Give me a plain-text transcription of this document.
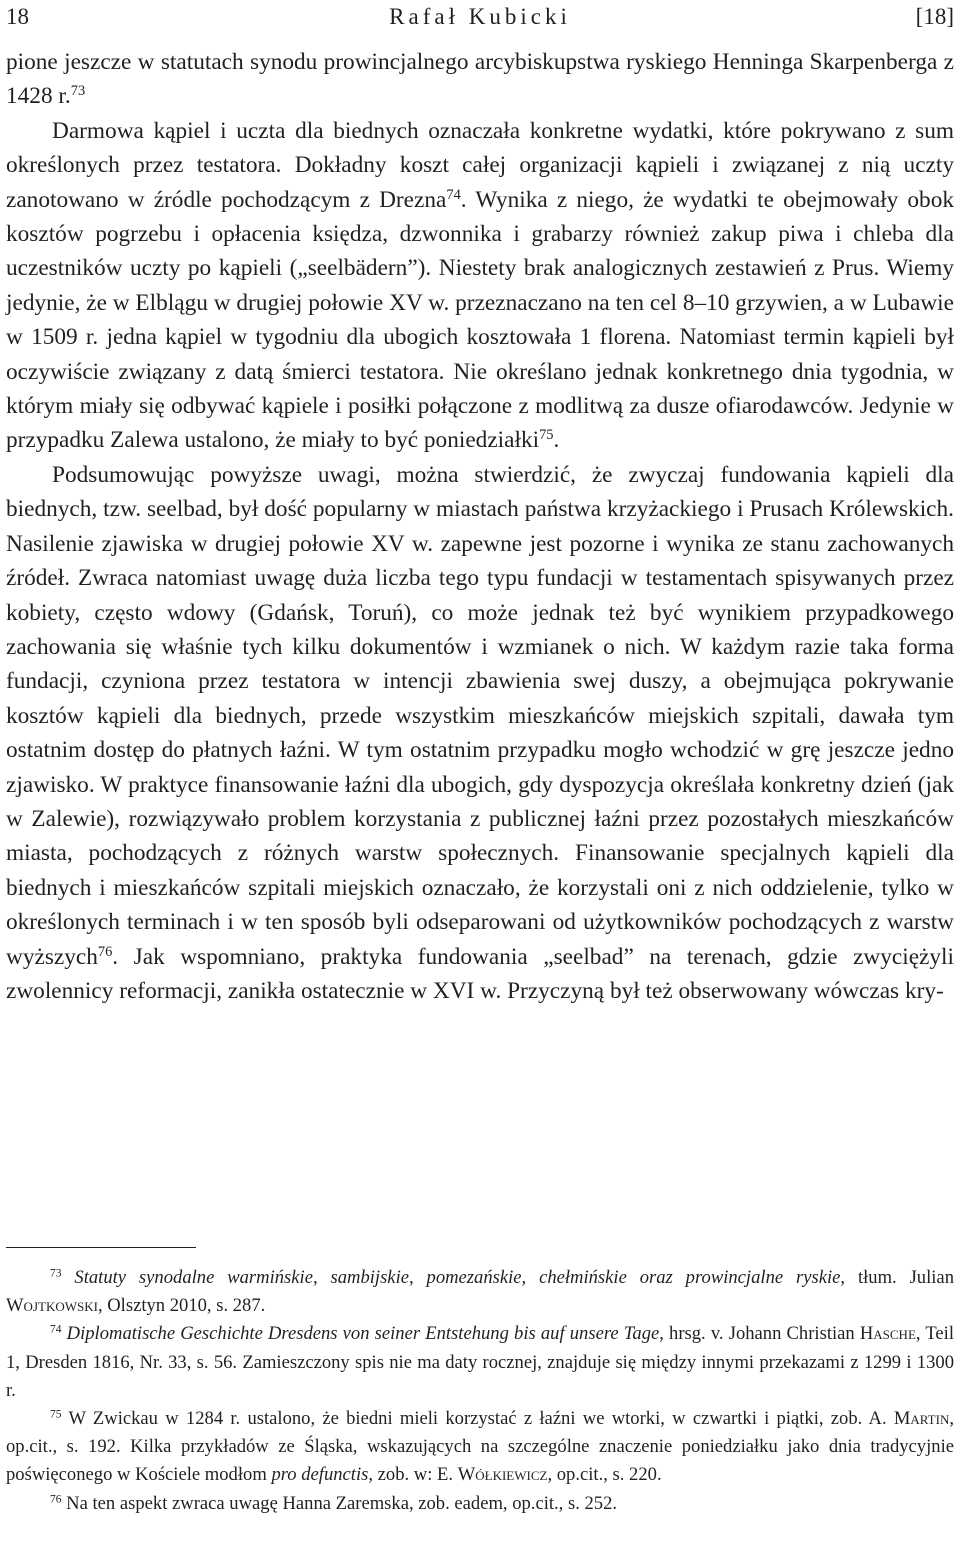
18	Rafał Kubicki	[18]

pione jeszcze w statutach synodu prowincjalnego arcybiskupstwa ryskiego Henninga Skarpenberga z 1428 r.$^{73}$

Darmowa kąpiel i uczta dla biednych oznaczała konkretne wydatki, które pokrywano z sum określonych przez testatora. Dokładny koszt całej organizacji kąpieli i związanej z nią uczty zanotowano w źródle pochodzącym z Drezna$^{74}$. Wynika z niego, że wydatki te obejmowały obok kosztów pogrzebu i opłacenia księdza, dzwonnika i grabarzy również zakup piwa i chleba dla uczestników uczty po kąpieli („seelbädern”). Niestety brak analogicznych zestawień z Prus. Wiemy jedynie, że w Elblągu w drugiej połowie XV w. przeznaczano na ten cel 8–10 grzywien, a w Lubawie w 1509 r. jedna kąpiel w tygodniu dla ubogich kosztowała 1 florena. Natomiast termin kąpieli był oczywiście związany z datą śmierci testatora. Nie określano jednak konkretnego dnia tygodnia, w którym miały się odbywać kąpiele i posiłki połączone z modlitwą za dusze ofiarodawców. Jedynie w przypadku Zalewa ustalono, że miały to być poniedziałki$^{75}$.

Podsumowując powyższe uwagi, można stwierdzić, że zwyczaj fundowania kąpieli dla biednych, tzw. seelbad, był dość popularny w miastach państwa krzyżackiego i Prusach Królewskich. Nasilenie zjawiska w drugiej połowie XV w. zapewne jest pozorne i wynika ze stanu zachowanych źródeł. Zwraca natomiast uwagę duża liczba tego typu fundacji w testamentach spisywanych przez kobiety, często wdowy (Gdańsk, Toruń), co może jednak też być wynikiem przypadkowego zachowania się właśnie tych kilku dokumentów i wzmianek o nich. W każdym razie taka forma fundacji, czyniona przez testatora w intencji zbawienia swej duszy, a obejmująca pokrywanie kosztów kąpieli dla biednych, przede wszystkim mieszkańców miejskich szpitali, dawała tym ostatnim dostęp do płatnych łaźni. W tym ostatnim przypadku mogło wchodzić w grę jeszcze jedno zjawisko. W praktyce finansowanie łaźni dla ubogich, gdy dyspozycja określała konkretny dzień (jak w Zalewie), rozwiązywało problem korzystania z publicznej łaźni przez pozostałych mieszkańców miasta, pochodzących z różnych warstw społecznych. Finansowanie specjalnych kąpieli dla biednych i mieszkańców szpitali miejskich oznaczało, że korzystali oni z nich oddzielenie, tylko w określonych terminach i w ten sposób byli odseparowani od użytkowników pochodzących z warstw wyższych$^{76}$. Jak wspomniano, praktyka fundowania „seelbad” na terenach, gdzie zwyciężyli zwolennicy reformacji, zanikła ostatecznie w XVI w. Przyczyną był też obserwowany wówczas kry-

$^{73}$ Statuty synodalne warmińskie, sambijskie, pomezańskie, chełmińskie oraz prowincjalne ryskie, tłum. Julian Wojtkowski, Olsztyn 2010, s. 287.

$^{74}$ Diplomatische Geschichte Dresdens von seiner Entstehung bis auf unsere Tage, hrsg. v. Johann Christian Hasche, Teil 1, Dresden 1816, Nr. 33, s. 56. Zamieszczony spis nie ma daty rocznej, znajduje się między innymi przekazami z 1299 i 1300 r.

$^{75}$ W Zwickau w 1284 r. ustalono, że biedni mieli korzystać z łaźni we wtorki, w czwartki i piątki, zob. A. Martin, op.cit., s. 192. Kilka przykładów ze Śląska, wskazujących na szczególne znaczenie poniedziałku jako dnia tradycyjnie poświęconego w Kościele modłom pro defunctis, zob. w: E. Wółkiewicz, op.cit., s. 220.

$^{76}$ Na ten aspekt zwraca uwagę Hanna Zaremska, zob. eadem, op.cit., s. 252.
